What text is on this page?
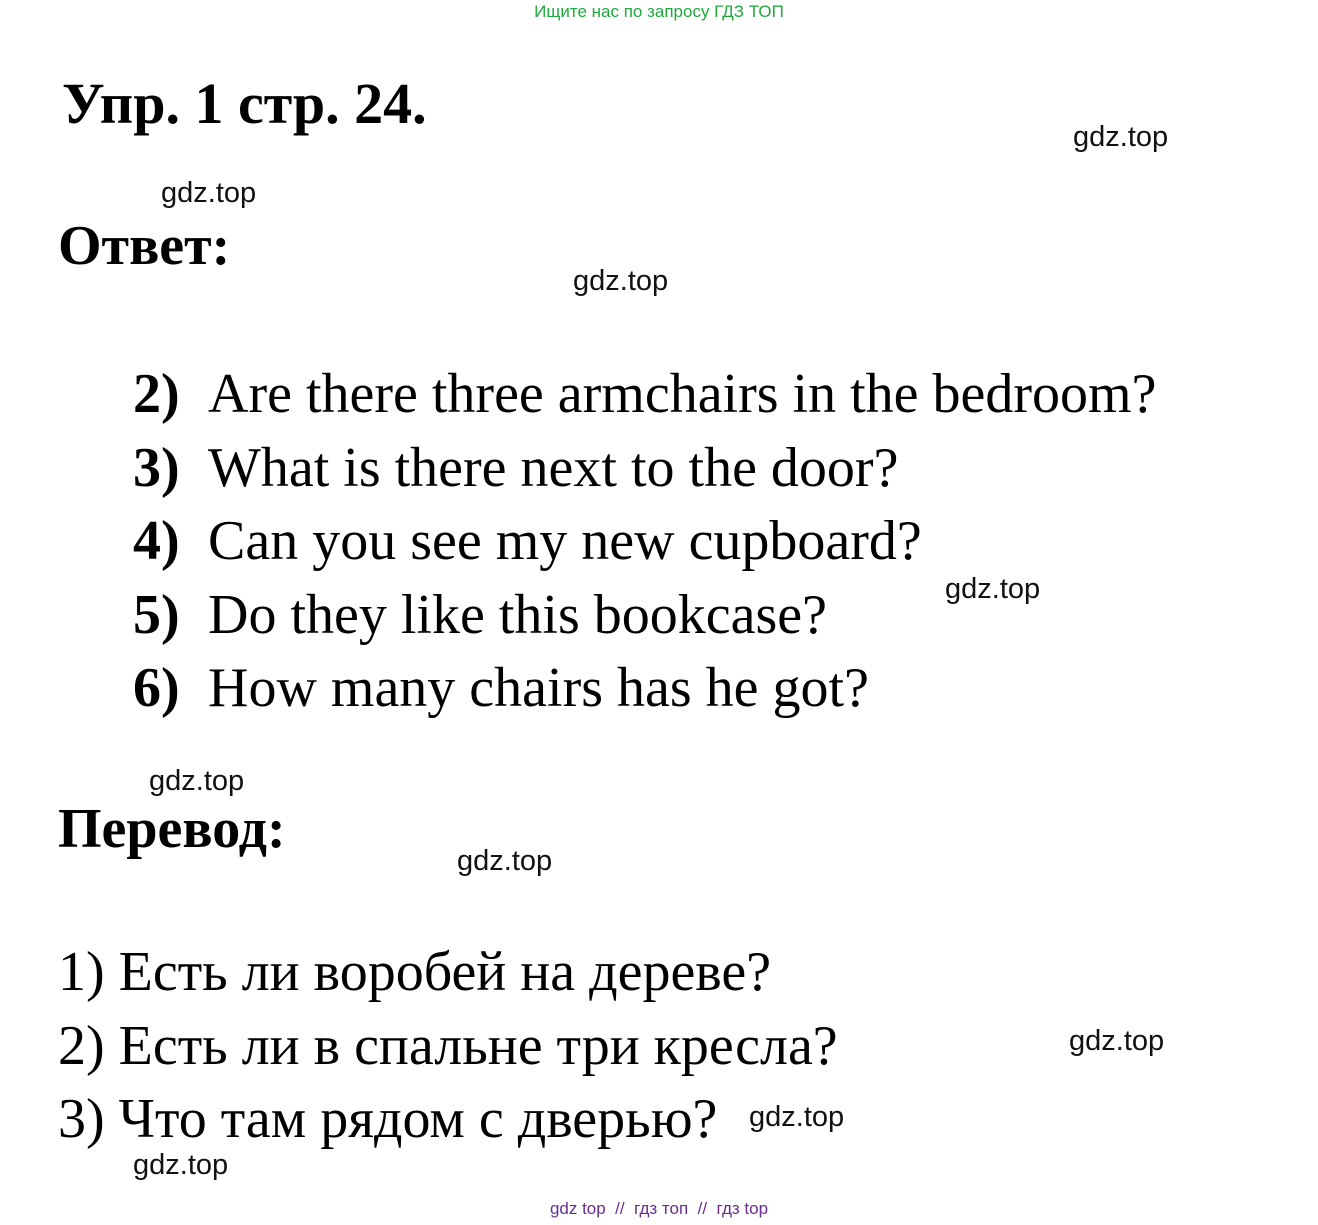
Ищите нас по запросу ГДЗ ТОП
Упр. 1 стр. 24.
Ответ:
2) Are there three armchairs in the bedroom?
3) What is there next to the door?
4) Can you see my new cupboard?
5) Do they like this bookcase?
6) How many chairs has he got?
Перевод:
1) Есть ли воробей на дереве?
2) Есть ли в спальне три кресла?
3) Что там рядом с дверью?
gdz.top
gdz.top
gdz.top
gdz.top
gdz.top
gdz.top
gdz.top
gdz.top
gdz.top
gdz top  //  гдз топ  //  гдз top
